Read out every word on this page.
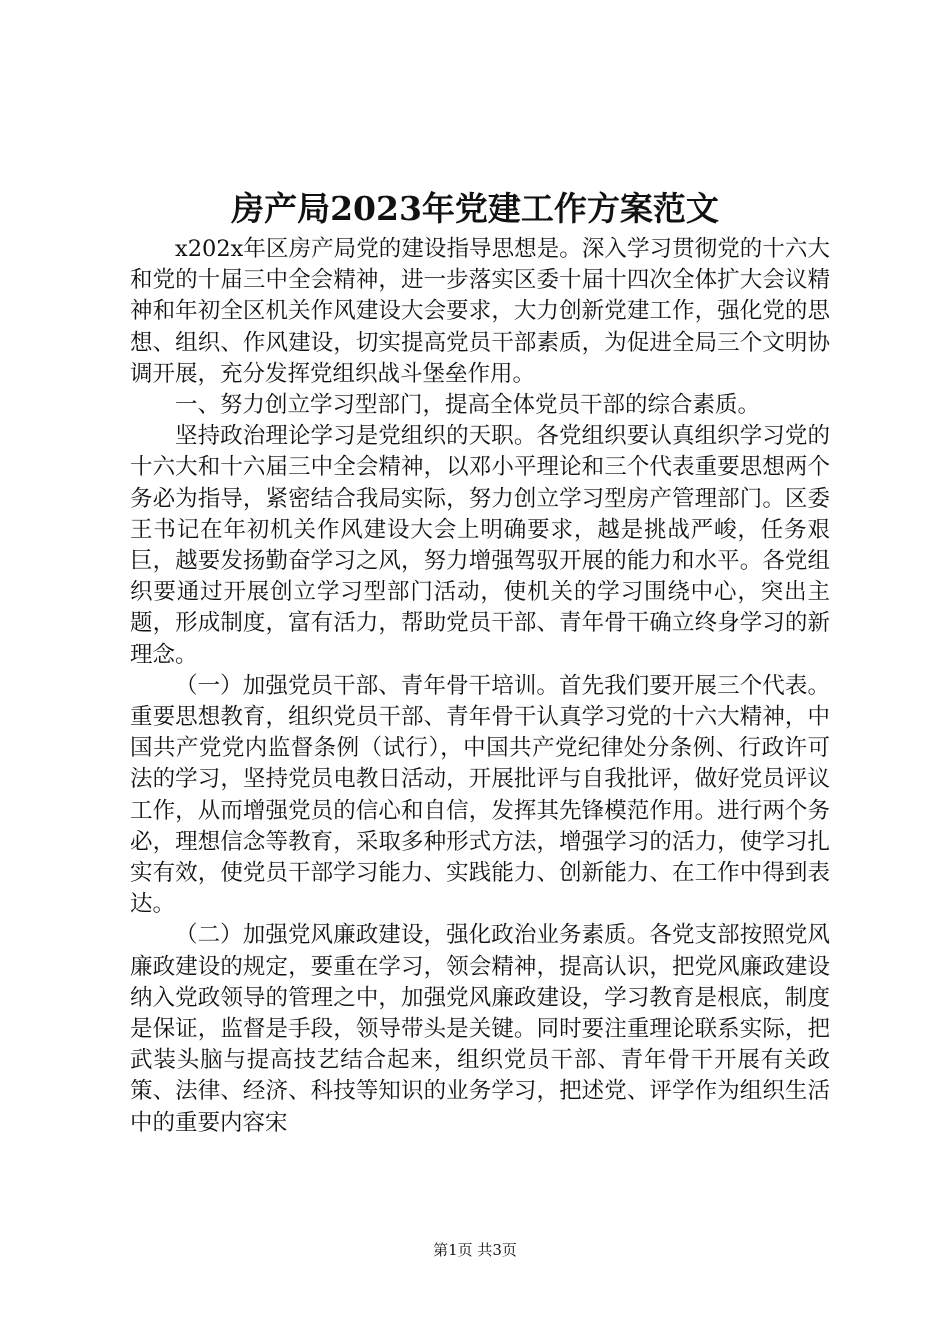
房产局2023年党建工作方案范文

x202x年区房产局党的建设指导思想是。深入学习贯彻党的十六大和党的十届三中全会精神，进一步落实区委十届十四次全体扩大会议精神和年初全区机关作风建设大会要求，大力创新党建工作，强化党的思想、组织、作风建设，切实提高党员干部素质，为促进全局三个文明协调开展，充分发挥党组织战斗堡垒作用。

一、努力创立学习型部门，提高全体党员干部的综合素质。

坚持政治理论学习是党组织的天职。各党组织要认真组织学习党的十六大和十六届三中全会精神，以邓小平理论和三个代表重要思想两个务必为指导，紧密结合我局实际，努力创立学习型房产管理部门。区委王书记在年初机关作风建设大会上明确要求，越是挑战严峻，任务艰巨，越要发扬勤奋学习之风，努力增强驾驭开展的能力和水平。各党组织要通过开展创立学习型部门活动，使机关的学习围绕中心，突出主题，形成制度，富有活力，帮助党员干部、青年骨干确立终身学习的新理念。

（一）加强党员干部、青年骨干培训。首先我们要开展三个代表。重要思想教育，组织党员干部、青年骨干认真学习党的十六大精神，中国共产党党内监督条例（试行），中国共产党纪律处分条例、行政许可法的学习，坚持党员电教日活动，开展批评与自我批评，做好党员评议工作，从而增强党员的信心和自信，发挥其先锋模范作用。进行两个务必，理想信念等教育，采取多种形式方法，增强学习的活力，使学习扎实有效，使党员干部学习能力、实践能力、创新能力、在工作中得到表达。

（二）加强党风廉政建设，强化政治业务素质。各党支部按照党风廉政建设的规定，要重在学习，领会精神，提高认识，把党风廉政建设纳入党政领导的管理之中，加强党风廉政建设，学习教育是根底，制度是保证，监督是手段，领导带头是关键。同时要注重理论联系实际，把武装头脑与提高技艺结合起来，组织党员干部、青年骨干开展有关政策、法律、经济、科技等知识的业务学习，把述党、评学作为组织生活中的重要内容宋

第1页 共3页
